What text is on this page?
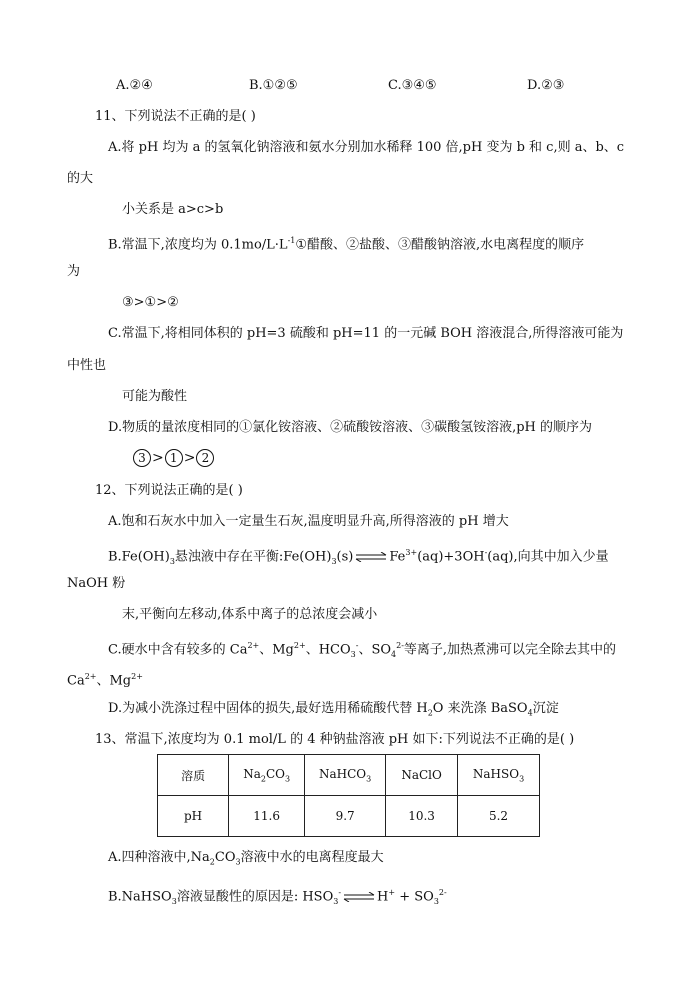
A.②④	B.①②⑤	C.③④⑤	D.②③
11、下列说法不正确的是( )
A.将 pH 均为 a 的氢氧化钠溶液和氨水分别加水稀释 100 倍,pH 变为 b 和 c,则 a、b、c
的大
小关系是 a>c>b
B.常温下,浓度均为 $0.1mo/L\cdot L^{-1}①$醋酸、②盐酸、③醋酸钠溶液,水电离程度的顺序
为
③>①>②
C.常温下,将相同体积的 pH=3 硫酸和 pH=11 的一元碱 BOH 溶液混合,所得溶液可能为
中性也
可能为酸性
D.物质的量浓度相同的①氯化铵溶液、②硫酸铵溶液、③碳酸氢铵溶液,pH 的顺序为
3 > 1 > 2
12、下列说法正确的是( )
A.饱和石灰水中加入一定量生石灰,温度明显升高,所得溶液的 pH 增大
$B.Fe(OH)_3$悬浊液中存在平衡$:Fe(OH)_3(s)$ ⇌ $Fe^{3+}(aq)+3OH^-(aq)$,向其中加入少量
NaOH 粉
末,平衡向左移动,体系中离子的总浓度会减小
C.硬水中含有较多的 $Ca^{2+}$、$Mg^{2+}$、$HCO_3^-$、$SO_4^{2-}$等离子,加热煮沸可以完全除去其中的
$Ca^{2+}$、$Mg^{2+}$
D.为减小洗涤过程中固体的损失,最好选用稀硫酸代替 $H_2O$ 来洗涤 BaSO$_4$沉淀
13、常温下,浓度均为 0.1 mol/L 的 4 种钠盐溶液 pH 如下:下列说法不正确的是( )
溶质	$Na_2CO_3$	NaHCO$_3$	NaClO	NaHSO$_3$
pH	11.6	9.7	10.3	5.2
A.四种溶液中$,Na_2CO_3$溶液中水的电离程度最大
B.NaHSO$_3$溶液显酸性的原因是: $HSO_3^-$ ⇌ $H^+ + SO_3^{2-}$
